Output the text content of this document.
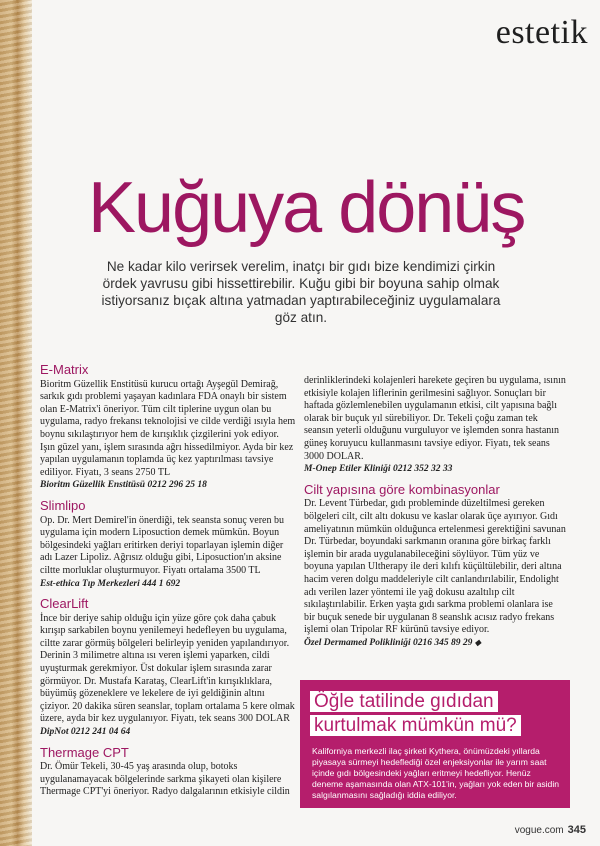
estetik
Kuğuya dönüş

Ne kadar kilo verirsek verelim, inatçı bir gıdı bize kendimizi çirkin ördek yavrusu gibi hissettirebilir. Kuğu gibi bir boyuna sahip olmak istiyorsanız bıçak altına yatmadan yaptırabileceğiniz uygulamalara göz atın.

E-Matrix

Bioritm Güzellik Enstitüsü kurucu ortağı Ayşegül Demirağ, sarkık gıdı problemi yaşayan kadınlara FDA onaylı bir sistem olan E-Matrix'i öneriyor. Tüm cilt tiplerine uygun olan bu uygulama, radyo frekansı teknolojisi ve cilde verdiği ısıyla hem boynu sıkılaştırıyor hem de kırışıklık çizgilerini yok ediyor. Işın güzel yanı, işlem sırasında ağrı hissedilmiyor. Ayda bir kez yapılan uygulamanın toplamda üç kez yaptırılması tavsiye ediliyor. Fiyatı, 3 seans 2750 TL

Bioritm Güzellik Enstitüsü 0212 296 25 18

Slimlipo

Op. Dr. Mert Demirel'in önerdiği, tek seansta sonuç veren bu uygulama için modern Liposuction demek mümkün. Boyun bölgesindeki yağları eritirken deriyi toparlayan işlemin diğer adı Lazer Lipoliz. Ağrısız olduğu gibi, Liposuction'ın aksine ciltte morluklar oluşturmuyor. Fiyatı ortalama 3500 TL

Est-ethica Tıp Merkezleri 444 1 692

ClearLift

İnce bir deriye sahip olduğu için yüze göre çok daha çabuk kırışıp sarkabilen boynu yenilemeyi hedefleyen bu uygulama, ciltte zarar görmüş bölgeleri belirleyip yeniden yapılandırıyor. Derinin 3 milimetre altına ısı veren işlemi yaparken, cildi uyuşturmak gerekmiyor. Üst dokular işlem sırasında zarar görmüyor. Dr. Mustafa Karataş, ClearLift'in kırışıklıklara, büyümüş gözeneklere ve lekelere de iyi geldiğinin altını çiziyor. 20 dakika süren seanslar, toplam ortalama 5 kere olmak üzere, ayda bir kez uygulanıyor. Fiyatı, tek seans 300 DOLAR

DipNot 0212 241 04 64

Thermage CPT

Dr. Ömür Tekeli, 30-45 yaş arasında olup, botoks uygulanamayacak bölgelerinde sarkma şikayeti olan kişilere Thermage CPT'yi öneriyor. Radyo dalgalarının etkisiyle cildin

derinliklerindeki kolajenleri harekete geçiren bu uygulama, ısının etkisiyle kolajen liflerinin gerilmesini sağlıyor. Sonuçları bir haftada gözlemlenebilen uygulamanın etkisi, cilt yapısına bağlı olarak bir buçuk yıl sürebiliyor. Dr. Tekeli çoğu zaman tek seansın yeterli olduğunu vurguluyor ve işlemden sonra hastanın güneş koruyucu kullanmasını tavsiye ediyor. Fiyatı, tek seans 3000 DOLAR.

M-Onep Etiler Kliniği 0212 352 32 33

Cilt yapısına göre kombinasyonlar

Dr. Levent Türbedar, gıdı probleminde düzeltilmesi gereken bölgeleri cilt, cilt altı dokusu ve kaslar olarak üçe ayırıyor. Gıdı ameliyatının mümkün olduğunca ertelenmesi gerektiğini savunan Dr. Türbedar, boyundaki sarkmanın oranına göre birkaç farklı işlemin bir arada uygulanabileceğini söylüyor. Tüm yüz ve boyuna yapılan Ultherapy ile deri kılıfı küçültülebilir, deri altına hacim veren dolgu maddeleriyle cilt canlandırılabilir, Endolight adı verilen lazer yöntemi ile yağ dokusu azaltılıp cilt sıkılaştırılabilir. Erken yaşta gıdı sarkma problemi olanlara ise bir buçuk senede bir uygulanan 8 seanslık acısız radyo frekans işlemi olan Tripolar RF kürünü tavsiye ediyor.

Özel Dermamed Polikliniği 0216 345 89 29 ◆

Öğle tatilinde gıdıdan
kurtulmak mümkün mü?

Kaliforniya merkezli ilaç şirketi Kythera, önümüzdeki yıllarda piyasaya sürmeyi hedeflediği özel enjeksiyonlar ile yarım saat içinde gıdı bölgesindeki yağları eritmeyi hedefliyor. Henüz deneme aşamasında olan ATX-101'in, yağları yok eden bir asidin salgılanmasını sağladığı iddia ediliyor.

vogue.com 345
